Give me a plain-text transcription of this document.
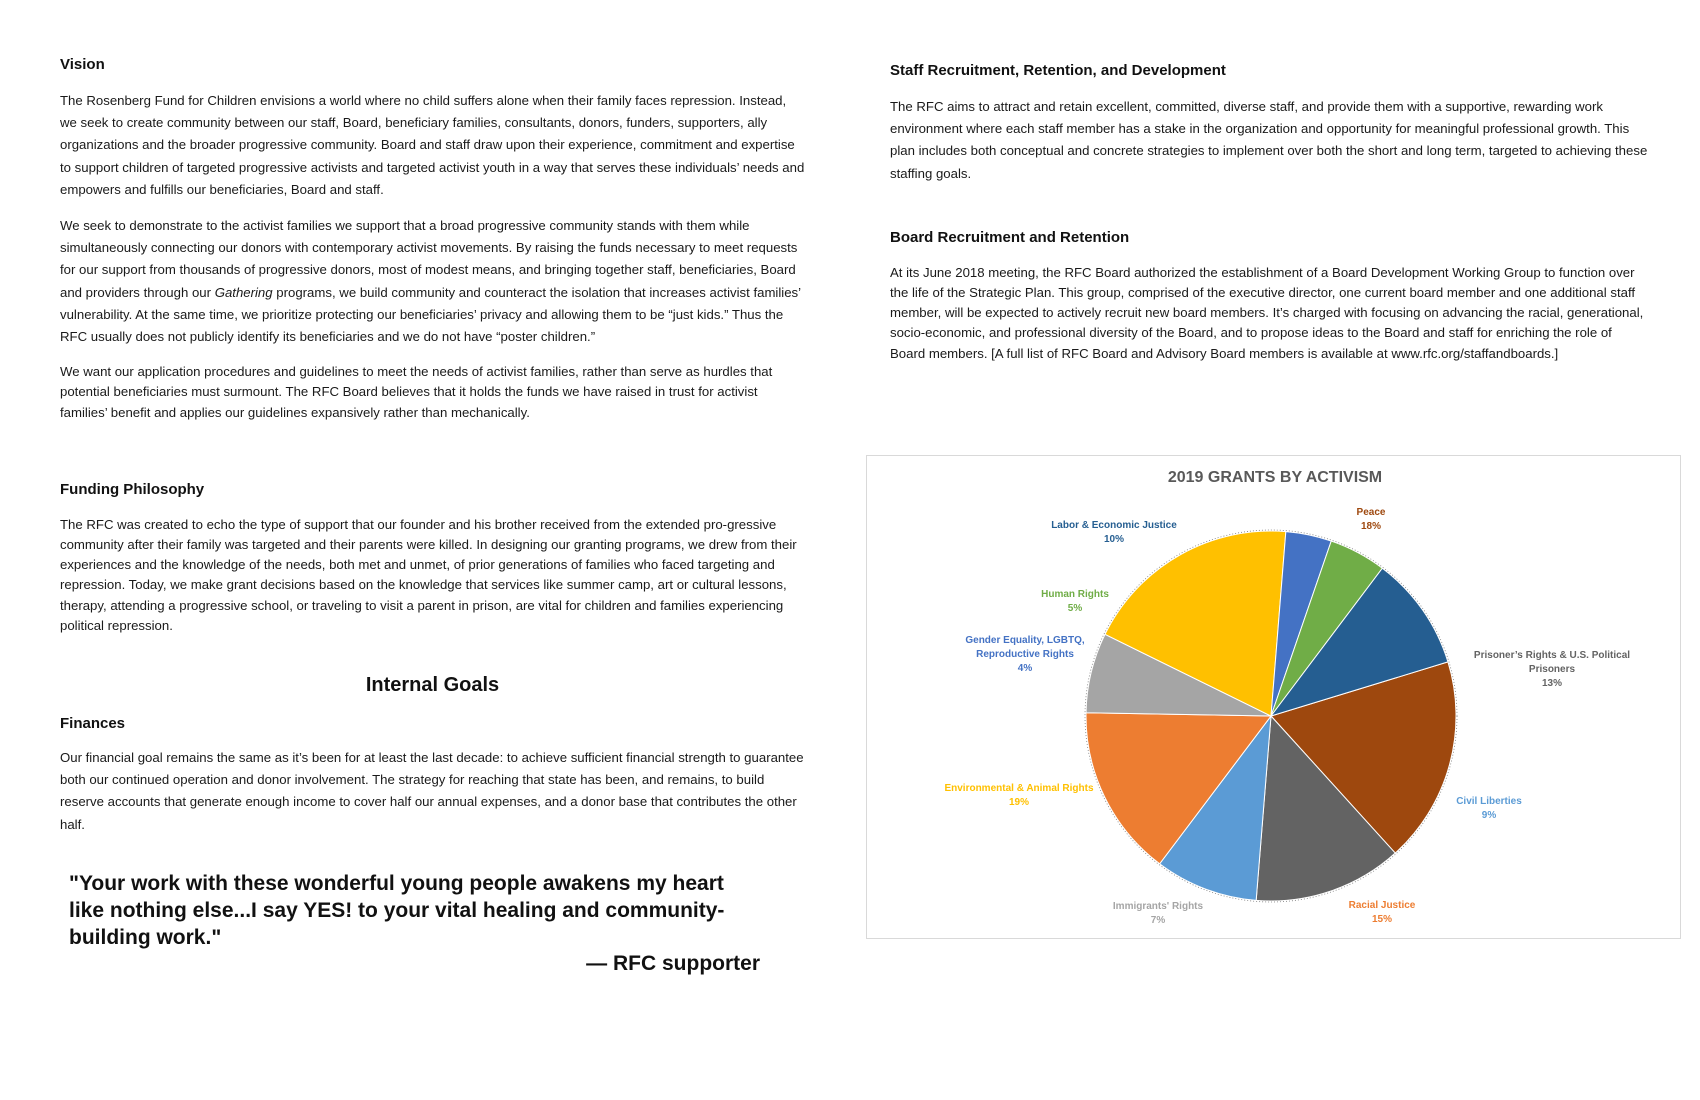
Vision

The Rosenberg Fund for Children envisions a world where no child suffers alone when their family faces repression. Instead, we seek to create community between our staff, Board, beneficiary families, consultants, donors, funders, supporters, ally organizations and the broader progressive community. Board and staff draw upon their experience, commitment and expertise to support children of targeted progressive activists and targeted activist youth in a way that serves these individuals’ needs and empowers and fulfills our beneficiaries, Board and staff.

We seek to demonstrate to the activist families we support that a broad progressive community stands with them while simultaneously connecting our donors with contemporary activist movements. By raising the funds necessary to meet requests for our support from thousands of progressive donors, most of modest means, and bringing together staff, beneficiaries, Board and providers through our Gathering programs, we build community and counteract the isolation that increases activist families’ vulnerability. At the same time, we prioritize protecting our beneficiaries’ privacy and allowing them to be “just kids.” Thus the RFC usually does not publicly identify its beneficiaries and we do not have “poster children.”

We want our application procedures and guidelines to meet the needs of activist families, rather than serve as hurdles that potential beneficiaries must surmount. The RFC Board believes that it holds the funds we have raised in trust for activist families’ benefit and applies our guidelines expansively rather than mechanically.

Funding Philosophy

The RFC was created to echo the type of support that our founder and his brother received from the extended pro-gressive community after their family was targeted and their parents were killed. In designing our granting programs, we drew from their experiences and the knowledge of the needs, both met and unmet, of prior generations of families who faced targeting and repression. Today, we make grant decisions based on the knowledge that services like summer camp, art or cultural lessons, therapy, attending a progressive school, or traveling to visit a parent in prison, are vital for children and families experiencing political repression.

Internal Goals
Finances

Our financial goal remains the same as it’s been for at least the last decade: to achieve sufficient financial strength to guarantee both our continued operation and donor involvement. The strategy for reaching that state has been, and remains, to build reserve accounts that generate enough income to cover half our annual expenses, and a donor base that contributes the other half.

"Your work with these wonderful young people awakens my heart like nothing else...I say YES! to your vital healing and community-building work."
— RFC supporter
Staff Recruitment, Retention, and Development

The RFC aims to attract and retain excellent, committed, diverse staff, and provide them with a supportive, rewarding work environment where each staff member has a stake in the organization and opportunity for meaningful professional growth. This plan includes both conceptual and concrete strategies to implement over both the short and long term, targeted to achieving these staffing goals.

Board Recruitment and Retention

At its June 2018 meeting, the RFC Board authorized the establishment of a Board Development Working Group to function over the life of the Strategic Plan. This group, comprised of the executive director, one current board member and one additional staff member, will be expected to actively recruit new board members. It’s charged with focusing on advancing the racial, generational, socio-economic, and professional diversity of the Board, and to propose ideas to the Board and staff for enriching the role of Board members. [A full list of RFC Board and Advisory Board members is available at www.rfc.org/staffandboards.]

2019 GRANTS BY ACTIVISM
Peace 18%
Prisoner’s Rights & U.S. Political Prisoners 13%
Civil Liberties 9%
Racial Justice 15%
Immigrants' Rights 7%
Environmental & Animal Rights 19%
Gender Equality, LGBTQ, Reproductive Rights 4%
Human Rights 5%
Labor & Economic Justice 10%
